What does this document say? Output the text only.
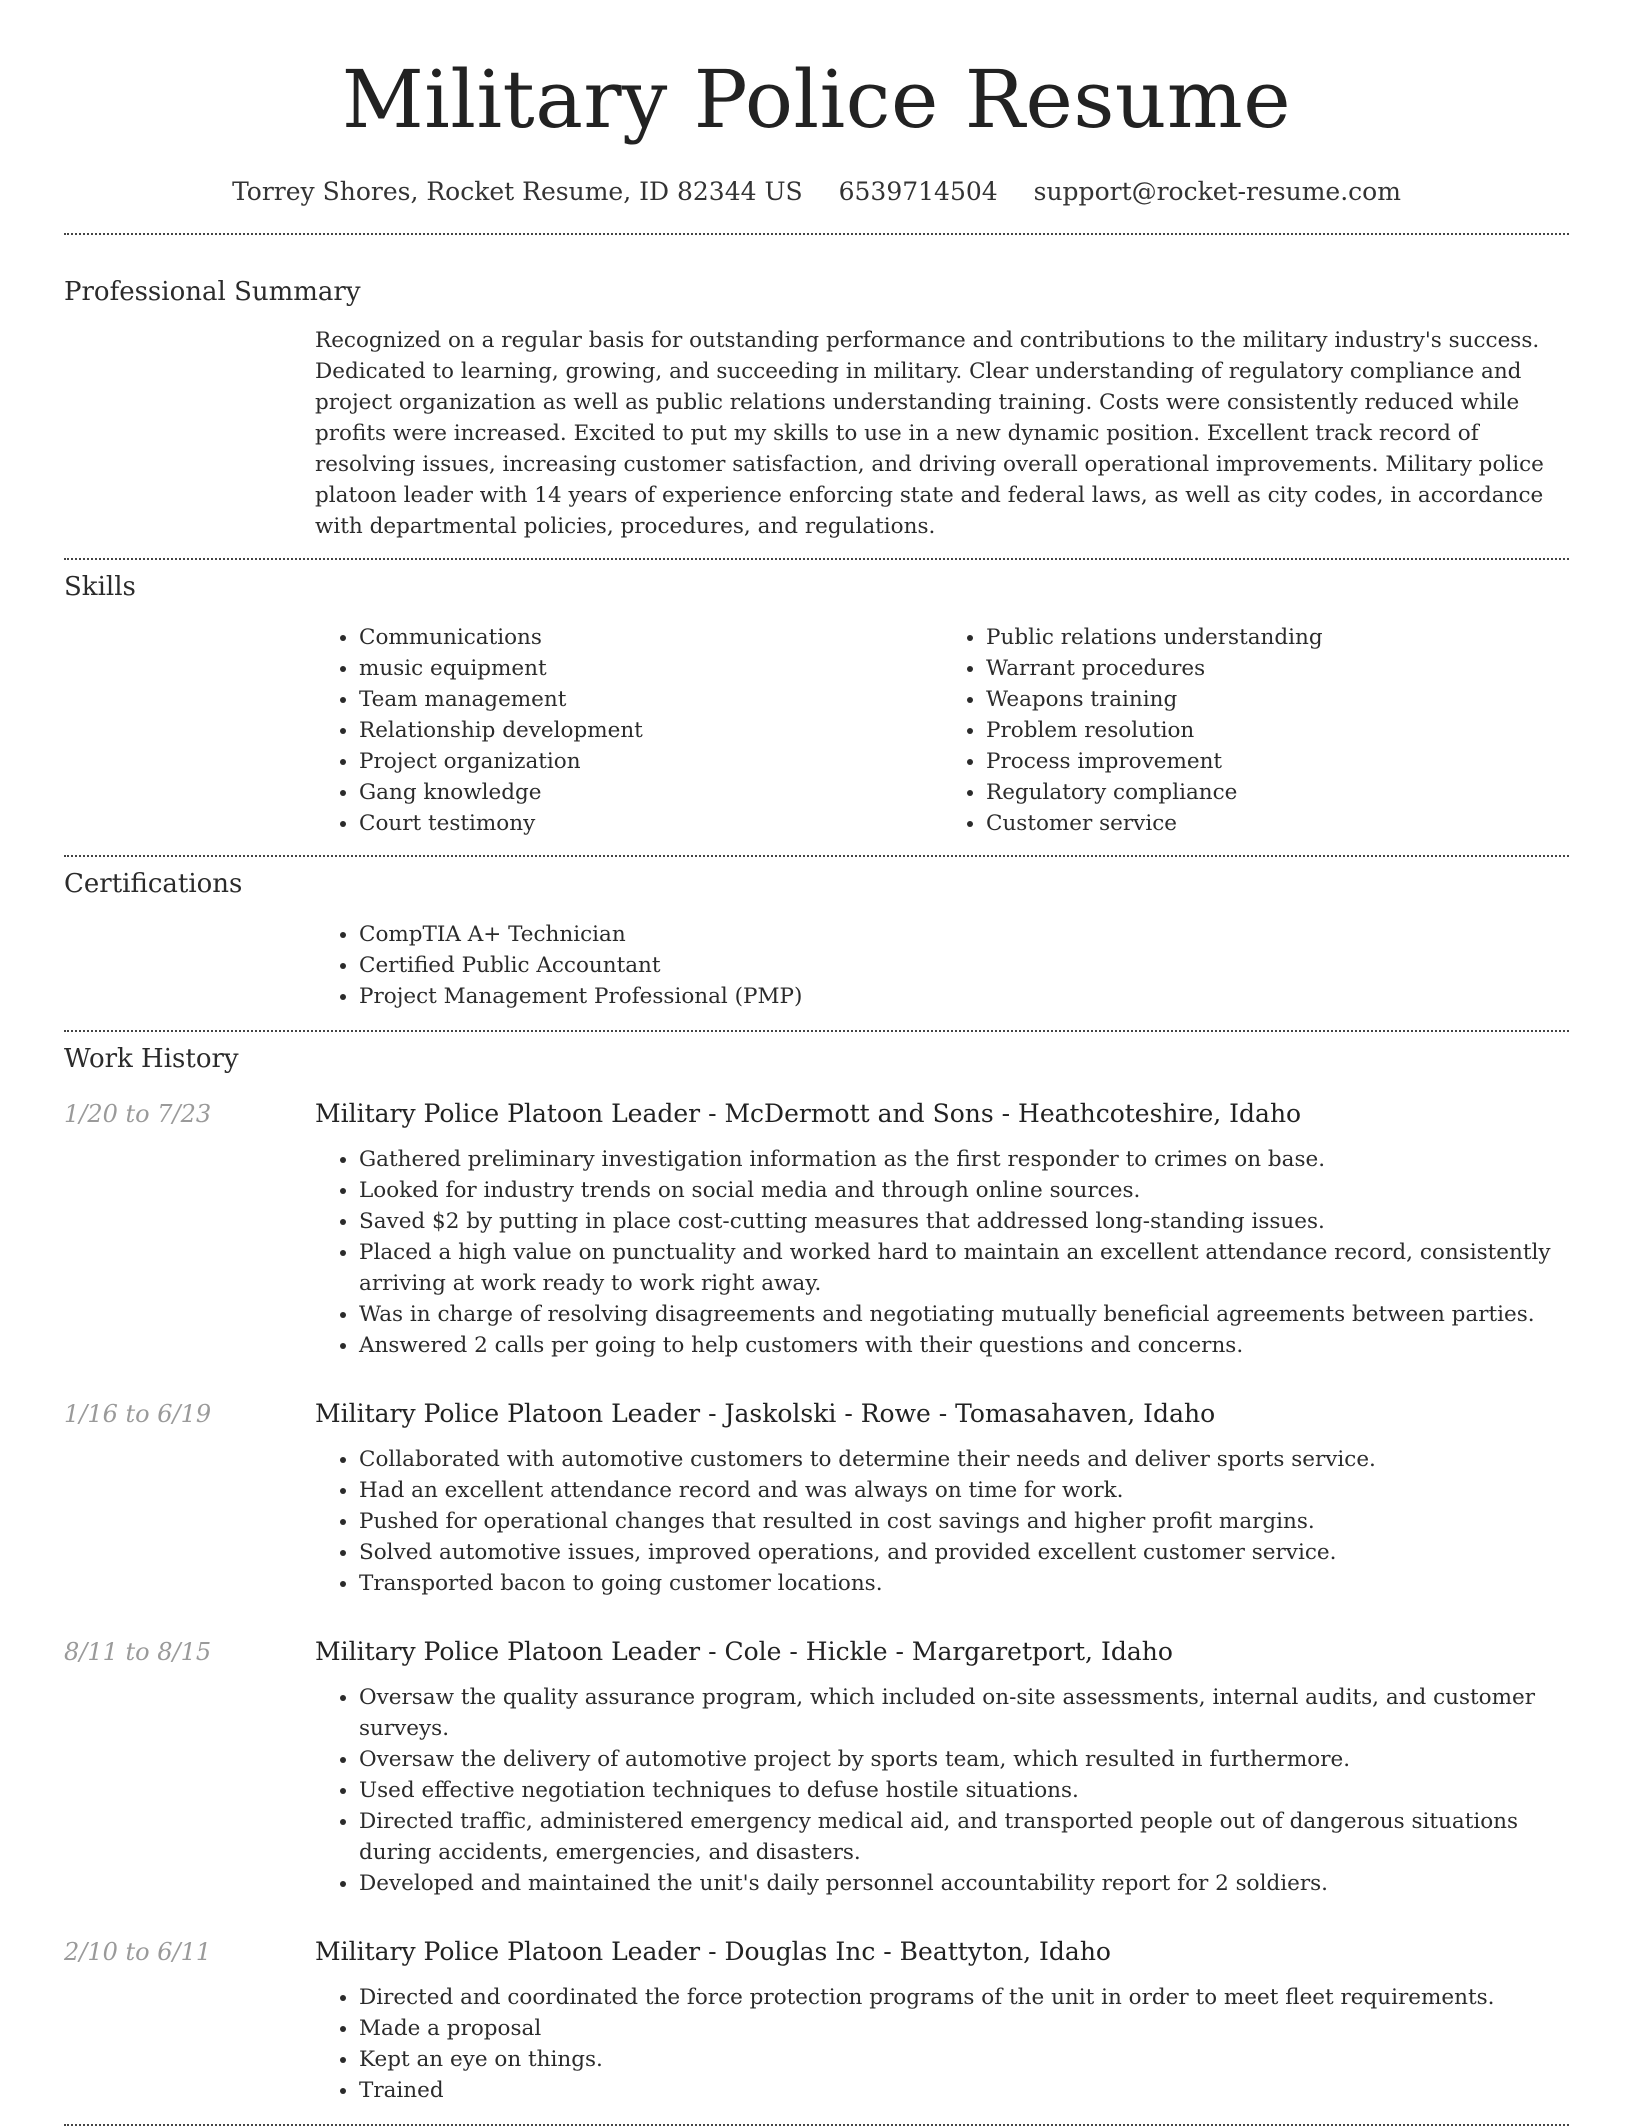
Military Police Resume
Torrey Shores, Rocket Resume, ID 82344 US 6539714504 support@rocket-resume.com
Professional Summary

Recognized on a regular basis for outstanding performance and contributions to the military industry's success. Dedicated to learning, growing, and succeeding in military. Clear understanding of regulatory compliance and project organization as well as public relations understanding training. Costs were consistently reduced while profits were increased. Excited to put my skills to use in a new dynamic position. Excellent track record of resolving issues, increasing customer satisfaction, and driving overall operational improvements. Military police platoon leader with 14 years of experience enforcing state and federal laws, as well as city codes, in accordance with departmental policies, procedures, and regulations.

Skills
• Communications
• music equipment
• Team management
• Relationship development
• Project organization
• Gang knowledge
• Court testimony
• Public relations understanding
• Warrant procedures
• Weapons training
• Problem resolution
• Process improvement
• Regulatory compliance
• Customer service
Certifications
• CompTIA A+ Technician
• Certified Public Accountant
• Project Management Professional (PMP)
Work History
1/20 to 7/23	Military Police Platoon Leader - McDermott and Sons - Heathcoteshire, Idaho
• Gathered preliminary investigation information as the first responder to crimes on base.
• Looked for industry trends on social media and through online sources.
• Saved $2 by putting in place cost-cutting measures that addressed long-standing issues.
• Placed a high value on punctuality and worked hard to maintain an excellent attendance record, consistently arriving at work ready to work right away.
• Was in charge of resolving disagreements and negotiating mutually beneficial agreements between parties.
• Answered 2 calls per going to help customers with their questions and concerns.
1/16 to 6/19	Military Police Platoon Leader - Jaskolski - Rowe - Tomasahaven, Idaho
• Collaborated with automotive customers to determine their needs and deliver sports service.
• Had an excellent attendance record and was always on time for work.
• Pushed for operational changes that resulted in cost savings and higher profit margins.
• Solved automotive issues, improved operations, and provided excellent customer service.
• Transported bacon to going customer locations.
8/11 to 8/15	Military Police Platoon Leader - Cole - Hickle - Margaretport, Idaho
• Oversaw the quality assurance program, which included on-site assessments, internal audits, and customer surveys.
• Oversaw the delivery of automotive project by sports team, which resulted in furthermore.
• Used effective negotiation techniques to defuse hostile situations.
• Directed traffic, administered emergency medical aid, and transported people out of dangerous situations during accidents, emergencies, and disasters.
• Developed and maintained the unit's daily personnel accountability report for 2 soldiers.
2/10 to 6/11	Military Police Platoon Leader - Douglas Inc - Beattyton, Idaho
• Directed and coordinated the force protection programs of the unit in order to meet fleet requirements.
• Made a proposal
• Kept an eye on things.
• Trained
